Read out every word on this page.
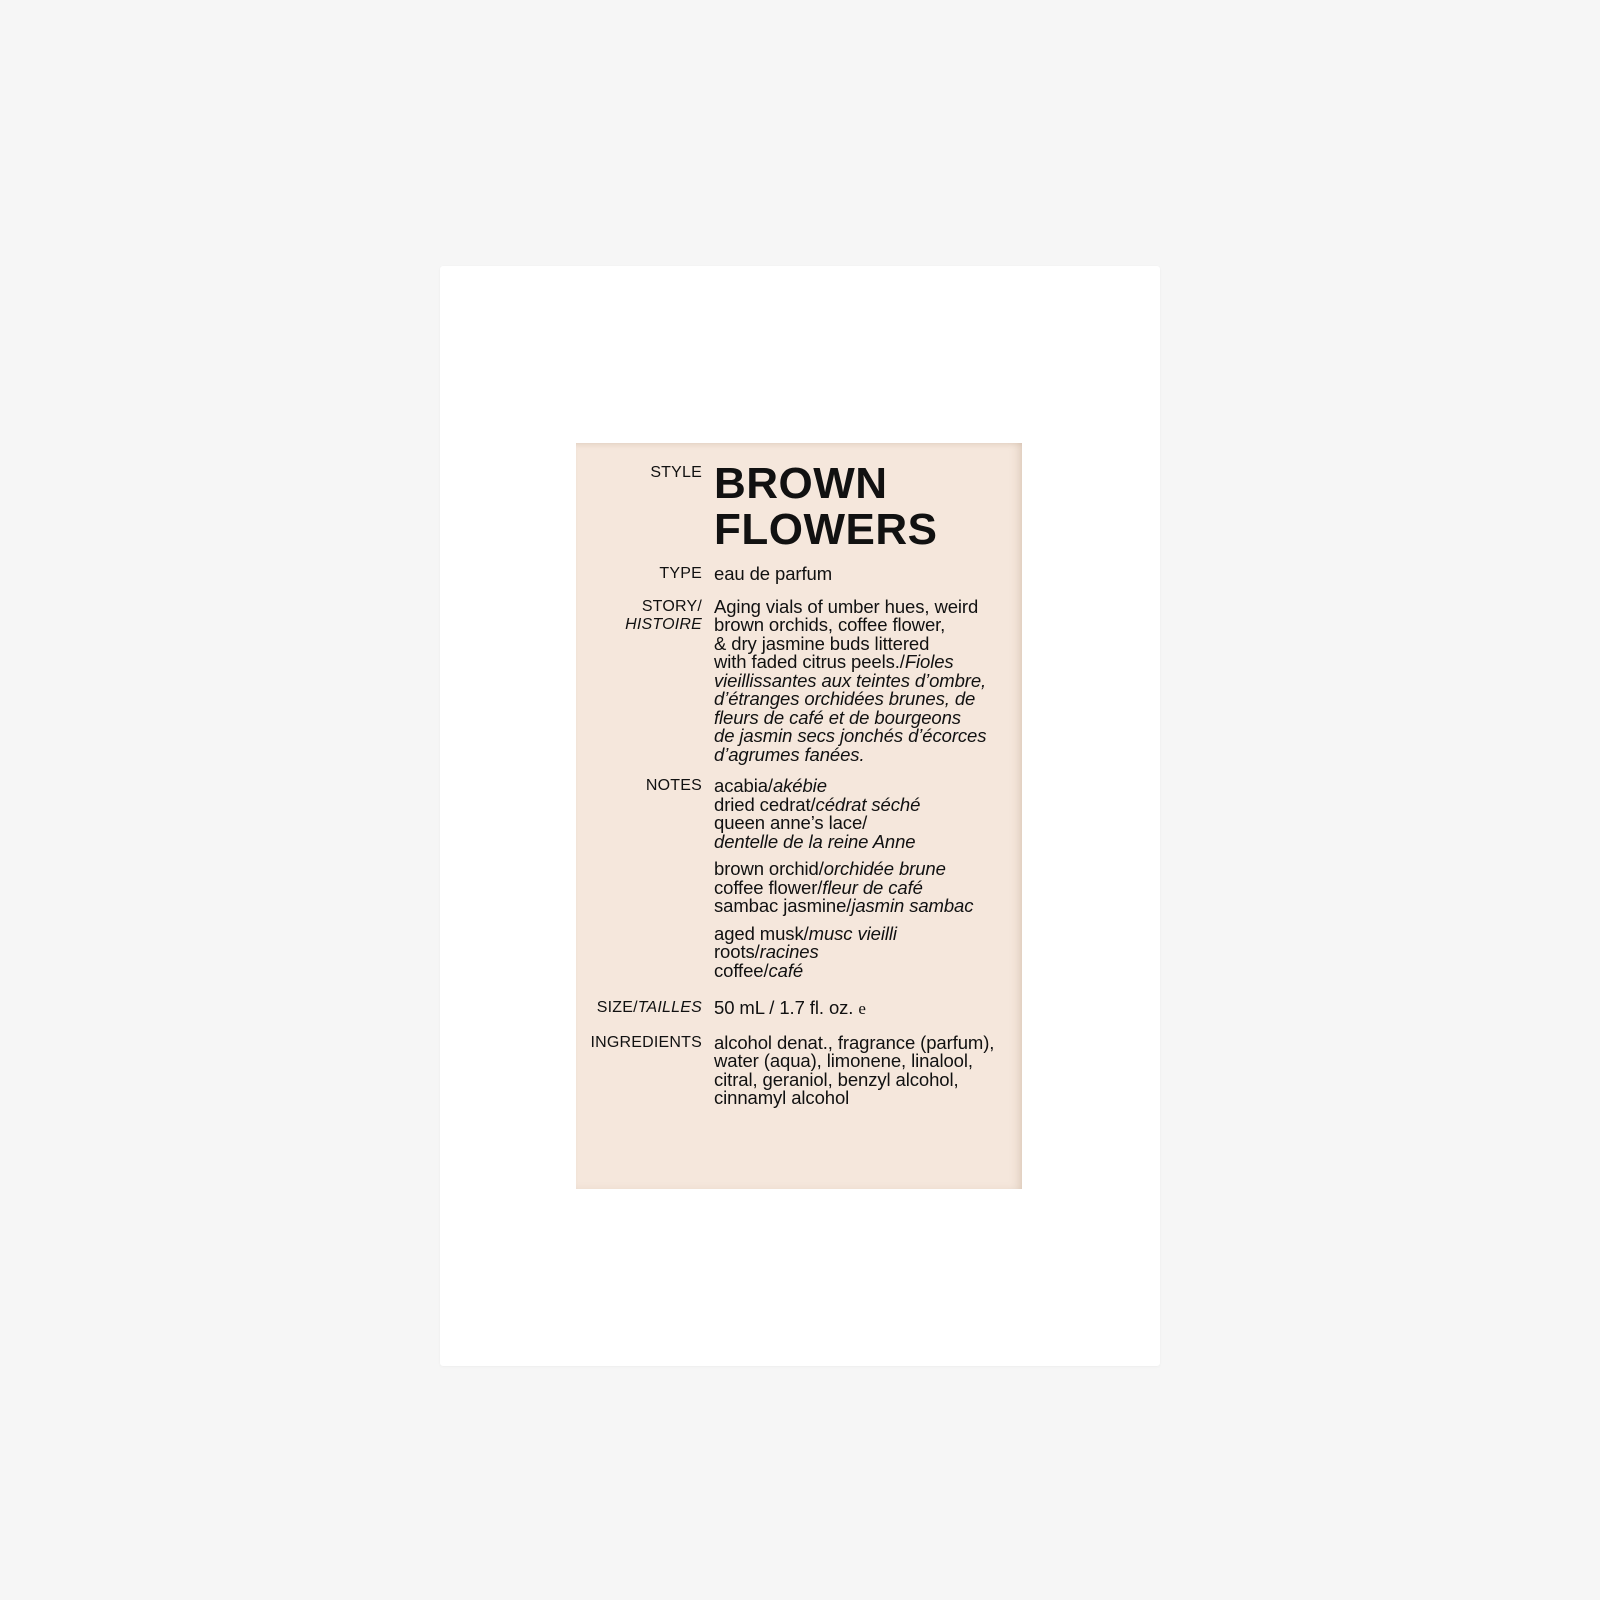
STYLE BROWN
FLOWERS
TYPE eau de parfum
STORY/
HISTOIRE
Aging vials of umber hues, weird
brown orchids, coffee flower,
& dry jasmine buds littered
with faded citrus peels./Fioles
vieillissantes aux teintes d’ombre,
d’étranges orchidées brunes, de
fleurs de café et de bourgeons
de jasmin secs jonchés d’écorces
d’agrumes fanées.
NOTES acabia/akébie
dried cedrat/cédrat séché
queen anne’s lace/
dentelle de la reine Anne
brown orchid/orchidée brune
coffee flower/fleur de café
sambac jasmine/jasmin sambac
aged musk/musc vieilli
roots/racines
coffee/café
SIZE/TAILLES 50 mL / 1.7 fl. oz. e
INGREDIENTS alcohol denat., fragrance (parfum),
water (aqua), limonene, linalool,
citral, geraniol, benzyl alcohol,
cinnamyl alcohol
